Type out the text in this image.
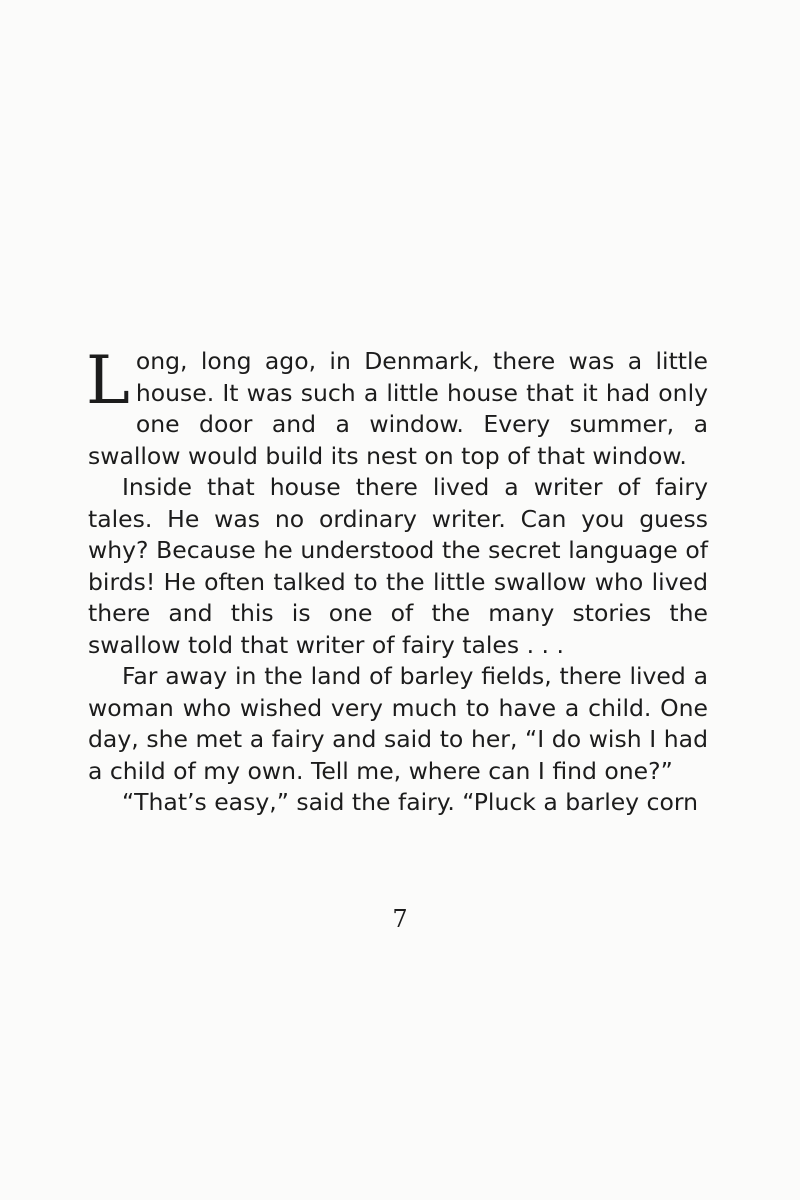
Long, long ago, in Denmark, there was a little house. It was such a little house that it had only one door and a window. Every summer, a swallow would build its nest on top of that window.

Inside that house there lived a writer of fairy tales. He was no ordinary writer. Can you guess why? Because he understood the secret language of birds! He often talked to the little swallow who lived there and this is one of the many stories the swallow told that writer of fairy tales . . .

Far away in the land of barley fields, there lived a woman who wished very much to have a child. One day, she met a fairy and said to her, “I do wish I had a child of my own. Tell me, where can I find one?”

“That’s easy,” said the fairy. “Pluck a barley corn

7
